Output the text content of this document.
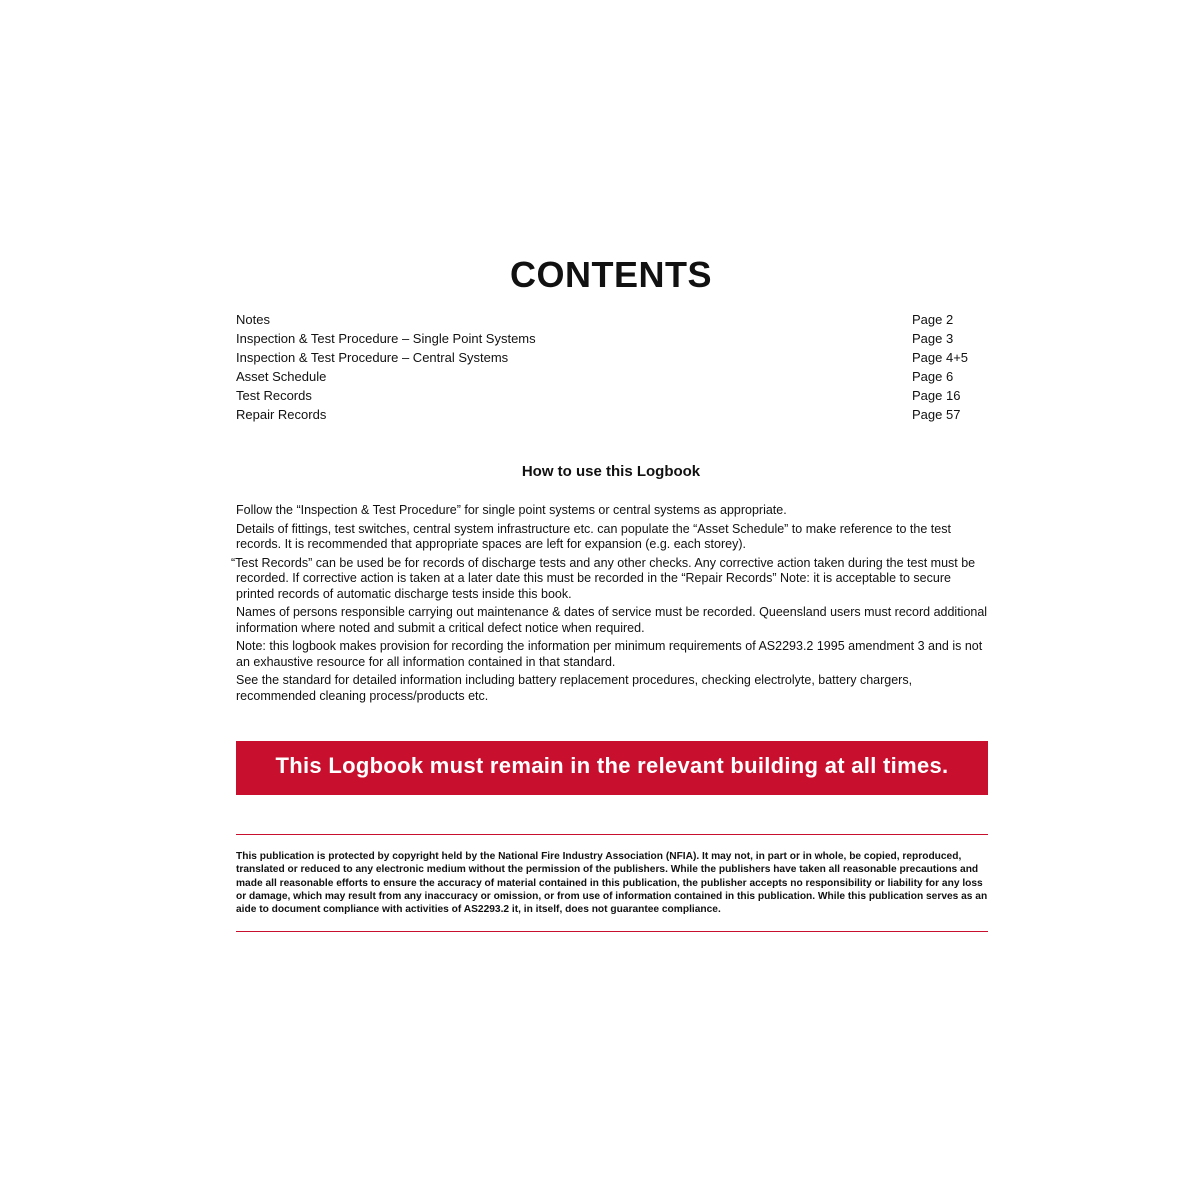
CONTENTS
Notes	Page 2
Inspection & Test Procedure – Single Point Systems	Page 3
Inspection & Test Procedure – Central Systems	Page 4+5
Asset Schedule	Page 6
Test Records	Page 16
Repair Records	Page 57
How to use this Logbook

Follow the “Inspection & Test Procedure” for single point systems or central systems as appropriate.

Details of fittings, test switches, central system infrastructure etc. can populate the “Asset Schedule” to make reference to the test records. It is recommended that appropriate spaces are left for expansion (e.g. each storey).

“Test Records” can be used be for records of discharge tests and any other checks. Any corrective action taken during the test must be recorded. If corrective action is taken at a later date this must be recorded in the “Repair Records” Note: it is acceptable to secure printed records of automatic discharge tests inside this book.

Names of persons responsible carrying out maintenance & dates of service must be recorded. Queensland users must record additional information where noted and submit a critical defect notice when required.

Note: this logbook makes provision for recording the information per minimum requirements of AS2293.2 1995 amendment 3 and is not an exhaustive resource for all information contained in that standard.

See the standard for detailed information including battery replacement procedures, checking electrolyte, battery chargers, recommended cleaning process/products etc.

This Logbook must remain in the relevant building at all times.

This publication is protected by copyright held by the National Fire Industry Association (NFIA). It may not, in part or in whole, be copied, reproduced, translated or reduced to any electronic medium without the permission of the publishers. While the publishers have taken all reasonable precautions and made all reasonable efforts to ensure the accuracy of material contained in this publication, the publisher accepts no responsibility or liability for any loss or damage, which may result from any inaccuracy or omission, or from use of information contained in this publication. While this publication serves as an aide to document compliance with activities of AS2293.2 it, in itself, does not guarantee compliance.
